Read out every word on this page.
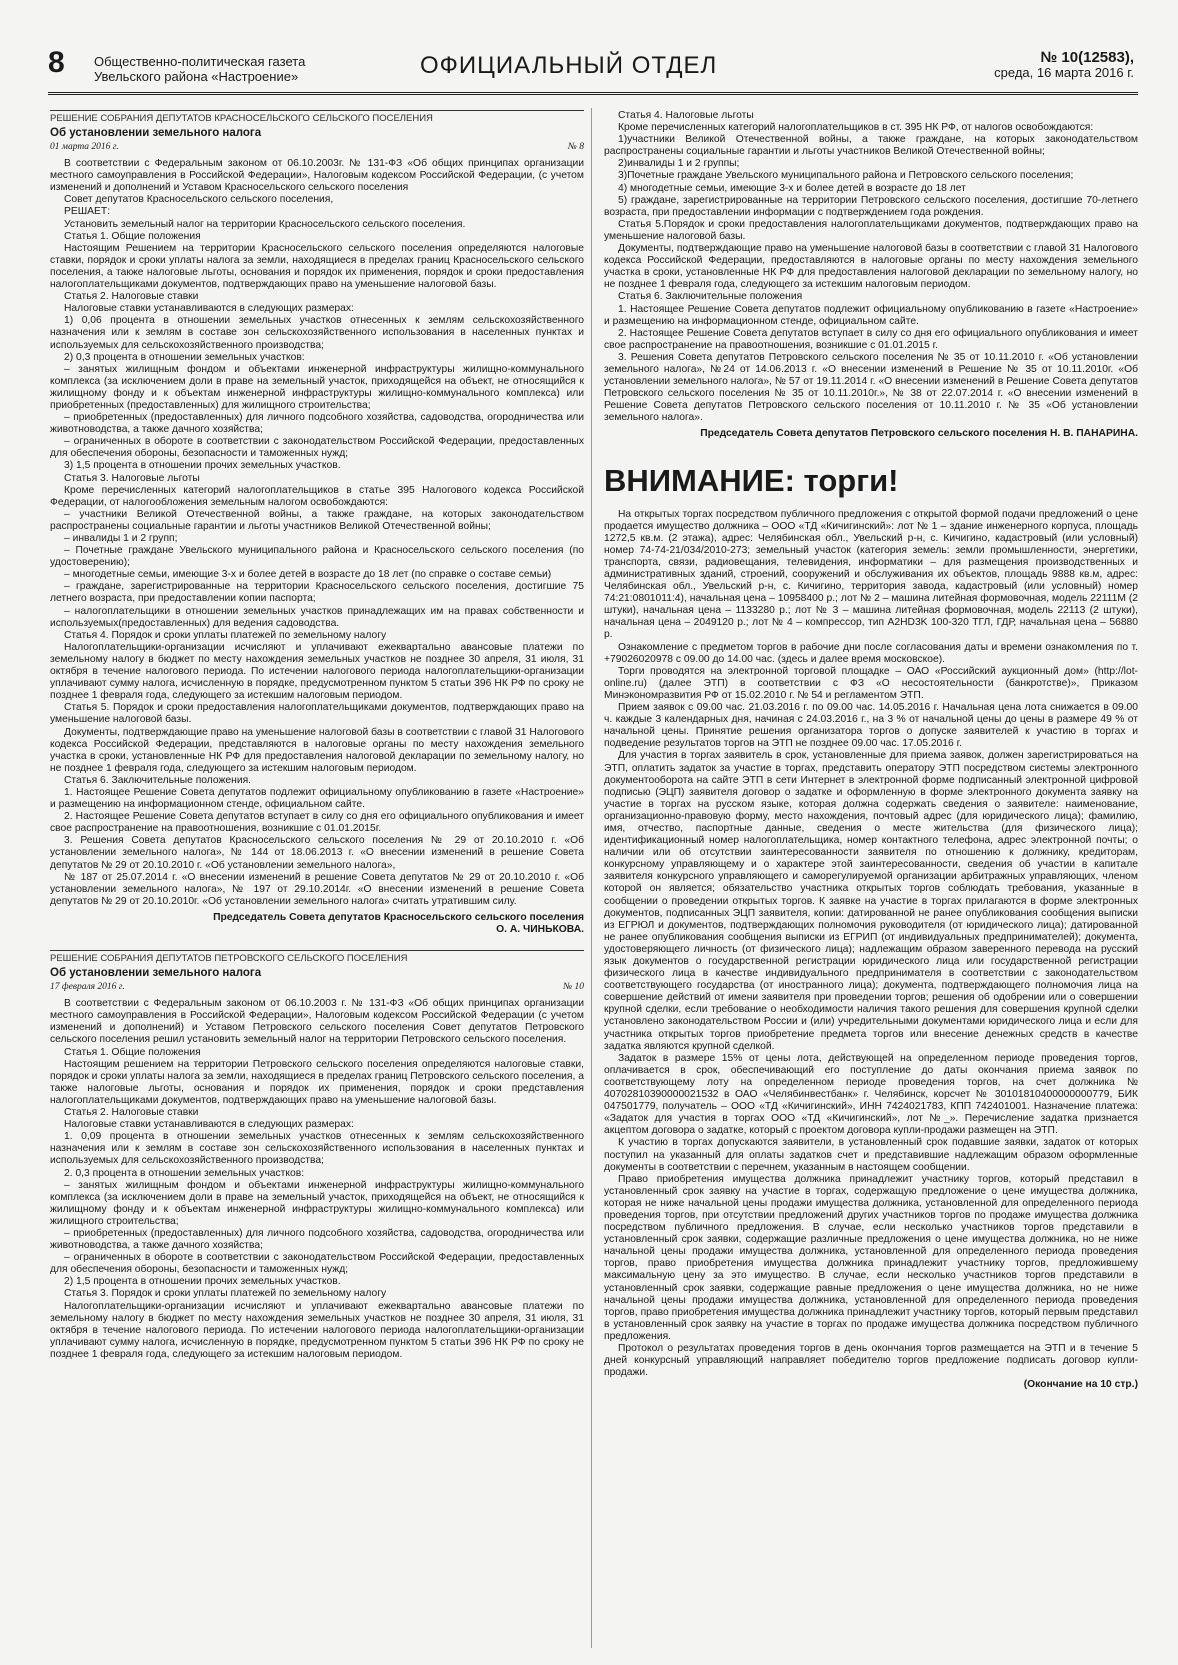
8 Общественно-политическая газета
Увельского района «Настроение»	ОФИЦИАЛЬНЫЙ ОТДЕЛ	№ 10(12583),
среда, 16 марта 2016 г.

РЕШЕНИЕ СОБРАНИЯ ДЕПУТАТОВ КРАСНОСЕЛЬСКОГО СЕЛЬСКОГО ПОСЕЛЕНИЯ

Об установлении земельного налога
01 марта 2016 г.	№ 8

В соответствии с Федеральным законом от 06.10.2003г. № 131-ФЗ «Об общих принципах организации местного самоуправления в Российской Федерации», Налоговым кодексом Российской Федерации, (с учетом изменений и дополнений и Уставом Красносельского сельского поселения

Совет депутатов Красносельского сельского поселения,

РЕШАЕТ:

Установить земельный налог на территории Красносельского сельского поселения.

Статья 1. Общие положения

Настоящим Решением на территории Красносельского сельского поселения определяются налоговые ставки, порядок и сроки уплаты налога за земли, находящиеся в пределах границ Красносельского сельского поселения, а также налоговые льготы, основания и порядок их применения, порядок и сроки предоставления налогоплательщиками документов, подтверждающих право на уменьшение налоговой базы.

Статья 2. Налоговые ставки

Налоговые ставки устанавливаются в следующих размерах:

1) 0,06 процента в отношении земельных участков отнесенных к землям сельскохозяйственного назначения или к землям в составе зон сельскохозяйственного использования в населенных пунктах и используемых для сельскохозяйственного производства;

2) 0,3 процента в отношении земельных участков:

– занятых жилищным фондом и объектами инженерной инфраструктуры жилищно-коммунального комплекса (за исключением доли в праве на земельный участок, приходящейся на объект, не относящийся к жилищному фонду и к объектам инженерной инфраструктуры жилищно-коммунального комплекса) или приобретенных (предоставленных) для жилищного строительства;

– приобретенных (предоставленных) для личного подсобного хозяйства, садоводства, огородничества или животноводства, а также дачного хозяйства;

– ограниченных в обороте в соответствии с законодательством Российской Федерации, предоставленных для обеспечения обороны, безопасности и таможенных нужд;

3) 1,5 процента в отношении прочих земельных участков.

Статья 3. Налоговые льготы

Кроме перечисленных категорий налогоплательщиков в статье 395 Налогового кодекса Российской Федерации, от налогообложения земельным налогом освобождаются:

– участники Великой Отечественной войны, а также граждане, на которых законодательством распространены социальные гарантии и льготы участников Великой Отечественной войны;

– инвалиды 1 и 2 групп;

– Почетные граждане Увельского муниципального района и Красносельского сельского поселения (по удостоверению);

– многодетные семьи, имеющие 3-х и более детей в возрасте до 18 лет (по справке о составе семьи)

– граждане, зарегистрированные на территории Красносельского сельского поселения, достигшие 75 летнего возраста, при предоставлении копии паспорта;

– налогоплательщики в отношении земельных участков принадлежащих им на правах собственности и используемых(предоставленных) для ведения садоводства.

Статья 4. Порядок и сроки уплаты платежей по земельному налогу

Налогоплательщики-организации исчисляют и уплачивают ежеквартально авансовые платежи по земельному налогу в бюджет по месту нахождения земельных участков не позднее 30 апреля, 31 июля, 31 октября в течение налогового периода. По истечении налогового периода налогоплательщики-организации уплачивают сумму налога, исчисленную в порядке, предусмотренном пунктом 5 статьи 396 НК РФ по сроку не позднее 1 февраля года, следующего за истекшим налоговым периодом.

Статья 5. Порядок и сроки предоставления налогоплательщиками документов, подтверждающих право на уменьшение налоговой базы.

Документы, подтверждающие право на уменьшение налоговой базы в соответствии с главой 31 Налогового кодекса Российской Федерации, представляются в налоговые органы по месту нахождения земельного участка в сроки, установленные НК РФ для предоставления налоговой декларации по земельному налогу, но не позднее 1 февраля года, следующего за истекшим налоговым периодом.

Статья 6. Заключительные положения.

1. Настоящее Решение Совета депутатов подлежит официальному опубликованию в газете «Настроение» и размещению на информационном стенде, официальном сайте.

2. Настоящее Решение Совета депутатов вступает в силу со дня его официального опубликования и имеет свое распространение на правоотношения, возникшие с 01.01.2015г.

3. Решения Совета депутатов Красносельского сельского поселения № 29 от 20.10.2010 г. «Об установлении земельного налога», № 144 от 18.06.2013 г. «О внесении изменений в решение Совета депутатов № 29 от 20.10.2010 г. «Об установлении земельного налога»,

№ 187 от 25.07.2014 г. «О внесении изменений в решение Совета депутатов № 29 от 20.10.2010 г. «Об установлении земельного налога», № 197 от 29.10.2014г. «О внесении изменений в решение Совета депутатов № 29 от 20.10.2010г. «Об установлении земельного налога» считать утратившим силу.

Председатель Совета депутатов Красносельского сельского поселения
О. А. ЧИНЬКОВА.

РЕШЕНИЕ СОБРАНИЯ ДЕПУТАТОВ ПЕТРОВСКОГО СЕЛЬСКОГО ПОСЕЛЕНИЯ

Об установлении земельного налога
17 февраля 2016 г.	№ 10

В соответствии с Федеральным законом от 06.10.2003 г. № 131-ФЗ «Об общих принципах организации местного самоуправления в Российской Федерации», Налоговым кодексом Российской Федерации (с учетом изменений и дополнений) и Уставом Петровского сельского поселения Совет депутатов Петровского сельского поселения решил установить земельный налог на территории Петровского сельского поселения.

Статья 1. Общие положения

Настоящим решением на территории Петровского сельского поселения определяются налоговые ставки, порядок и сроки уплаты налога за земли, находящиеся в пределах границ Петровского сельского поселения, а также налоговые льготы, основания и порядок их применения, порядок и сроки представления налогоплательщиками документов, подтверждающих право на уменьшение налоговой базы.

Статья 2. Налоговые ставки

Налоговые ставки устанавливаются в следующих размерах:

1. 0,09 процента в отношении земельных участков отнесенных к землям сельскохозяйственного назначения или к землям в составе зон сельскохозяйственного использования в населенных пунктах и используемых для сельскохозяйственного производства;

2. 0,3 процента в отношении земельных участков:

– занятых жилищным фондом и объектами инженерной инфраструктуры жилищно-коммунального комплекса (за исключением доли в праве на земельный участок, приходящейся на объект, не относящийся к жилищному фонду и к объектам инженерной инфраструктуры жилищно-коммунального комплекса) или жилищного строительства;

– приобретенных (предоставленных) для личного подсобного хозяйства, садоводства, огородничества или животноводства, а также дачного хозяйства;

– ограниченных в обороте в соответствии с законодательством Российской Федерации, предоставленных для обеспечения обороны, безопасности и таможенных нужд;

2) 1,5 процента в отношении прочих земельных участков.

Статья 3. Порядок и сроки уплаты платежей по земельному налогу

Налогоплательщики-организации исчисляют и уплачивают ежеквартально авансовые платежи по земельному налогу в бюджет по месту нахождения земельных участков не позднее 30 апреля, 31 июля, 31 октября в течение налогового периода. По истечении налогового периода налогоплательщики-организации уплачивают сумму налога, исчисленную в порядке, предусмотренном пунктом 5 статьи 396 НК РФ по сроку не позднее 1 февраля года, следующего за истекшим налоговым периодом.

Статья 4. Налоговые льготы

Кроме перечисленных категорий налогоплательщиков в ст. 395 НК РФ, от налогов освобождаются:

1)участники Великой Отечественной войны, а также граждане, на которых законодательством распространены социальные гарантии и льготы участников Великой Отечественной войны;

2)инвалиды 1 и 2 группы;

3)Почетные граждане Увельского муниципального района и Петровского сельского поселения;

4) многодетные семьи, имеющие 3-х и более детей в возрасте до 18 лет

5) граждане, зарегистрированные на территории Петровского сельского поселения, достигшие 70-летнего возраста, при предоставлении информации с подтверждением года рождения.

Статья 5.Порядок и сроки предоставления налогоплательщиками документов, подтверждающих право на уменьшение налоговой базы.

Документы, подтверждающие право на уменьшение налоговой базы в соответствии с главой 31 Налогового кодекса Российской Федерации, предоставляются в налоговые органы по месту нахождения земельного участка в сроки, установленные НК РФ для предоставления налоговой декларации по земельному налогу, но не позднее 1 февраля года, следующего за истекшим налоговым периодом.

Статья 6. Заключительные положения

1. Настоящее Решение Совета депутатов подлежит официальному опубликованию в газете «Настроение» и размещению на информационном стенде, официальном сайте.

2. Настоящее Решение Совета депутатов вступает в силу со дня его официального опубликования и имеет свое распространение на правоотношения, возникшие с 01.01.2015 г.

3. Решения Совета депутатов Петровского сельского поселения № 35 от 10.11.2010 г. «Об установлении земельного налога», №24 от 14.06.2013 г. «О внесении изменений в Решение № 35 от 10.11.2010г. «Об установлении земельного налога», № 57 от 19.11.2014 г. «О внесении изменений в Решение Совета депутатов Петровского сельского поселения № 35 от 10.11.2010г.», № 38 от 22.07.2014 г. «О внесении изменений в Решение Совета депутатов Петровского сельского поселения от 10.11.2010 г. № 35 «Об установлении земельного налога».

Председатель Совета депутатов Петровского сельского поселения Н. В. ПАНАРИНА.
ВНИМАНИЕ: торги!

На открытых торгах посредством публичного предложения с открытой формой подачи предложений о цене продается имущество должника – ООО «ТД «Кичигинский»: лот № 1 – здание инженерного корпуса, площадь 1272,5 кв.м. (2 этажа), адрес: Челябинская обл., Увельский р-н, с. Кичигино, кадастровый (или условный) номер 74-74-21/034/2010-273; земельный участок (категория земель: земли промышленности, энергетики, транспорта, связи, радиовещания, телевидения, информатики – для размещения производственных и административных зданий, строений, сооружений и обслуживания их объектов, площадь 9888 кв.м, адрес: Челябинская обл., Увельский р-н, с. Кичигино, территория завода, кадастровый (или условный) номер 74:21:0801011:4), начальная цена – 10958400 р.; лот № 2 – машина литейная формовочная, модель 22111М (2 штуки), начальная цена – 1133280 р.; лот № 3 – машина литейная формовочная, модель 22113 (2 штуки), начальная цена – 2049120 р.; лот № 4 – компрессор, тип A2HD3K 100-320 ТГЛ, ГДР, начальная цена – 56880 р.

Ознакомление с предметом торгов в рабочие дни после согласования даты и времени ознакомления по т. +79026020978 с 09.00 до 14.00 час. (здесь и далее время московское).

Торги проводятся на электронной торговой площадке – ОАО «Российский аукционный дом» (http://lot-online.ru) (далее ЭТП) в соответствии с ФЗ «О несостоятельности (банкротстве)», Приказом Минэкономразвития РФ от 15.02.2010 г. № 54 и регламентом ЭТП.

Прием заявок с 09.00 час. 21.03.2016 г. по 09.00 час. 14.05.2016 г. Начальная цена лота снижается в 09.00 ч. каждые 3 календарных дня, начиная с 24.03.2016 г., на 3 % от начальной цены до цены в размере 49 % от начальной цены. Принятие решения организатора торгов о допуске заявителей к участию в торгах и подведение результатов торгов на ЭТП не позднее 09.00 час. 17.05.2016 г.

Для участия в торгах заявитель в срок, установленные для приема заявок, должен зарегистрироваться на ЭТП, оплатить задаток за участие в торгах, представить оператору ЭТП посредством системы электронного документооборота на сайте ЭТП в сети Интернет в электронной форме подписанный электронной цифровой подписью (ЭЦП) заявителя договор о задатке и оформленную в форме электронного документа заявку на участие в торгах на русском языке, которая должна содержать сведения о заявителе: наименование, организационно-правовую форму, место нахождения, почтовый адрес (для юридического лица); фамилию, имя, отчество, паспортные данные, сведения о месте жительства (для физического лица); идентификационный номер налогоплательщика, номер контактного телефона, адрес электронной почты; о наличии или об отсутствии заинтересованности заявителя по отношению к должнику, кредиторам, конкурсному управляющему и о характере этой заинтересованности, сведения об участии в капитале заявителя конкурсного управляющего и саморегулируемой организации арбитражных управляющих, членом которой он является; обязательство участника открытых торгов соблюдать требования, указанные в сообщении о проведении открытых торгов. К заявке на участие в торгах прилагаются в форме электронных документов, подписанных ЭЦП заявителя, копии: датированной не ранее опубликования сообщения выписки из ЕГРЮЛ и документов, подтверждающих полномочия руководителя (от юридического лица); датированной не ранее опубликования сообщения выписки из ЕГРИП (от индивидуальных предпринимателей); документа, удостоверяющего личность (от физического лица); надлежащим образом заверенного перевода на русский язык документов о государственной регистрации юридического лица или государственной регистрации физического лица в качестве индивидуального предпринимателя в соответствии с законодательством соответствующего государства (от иностранного лица); документа, подтверждающего полномочия лица на совершение действий от имени заявителя при проведении торгов; решения об одобрении или о совершении крупной сделки, если требование о необходимости наличия такого решения для совершения крупной сделки установлено законодательством России и (или) учредительными документами юридического лица и если для участника открытых торгов приобретение предмета торгов или внесение денежных средств в качестве задатка являются крупной сделкой.

Задаток в размере 15% от цены лота, действующей на определенном периоде проведения торгов, оплачивается в срок, обеспечивающий его поступление до даты окончания приема заявок по соответствующему лоту на определенном периоде проведения торгов, на счет должника № 40702810390000021532 в ОАО «Челябинвестбанк» г. Челябинск, корсчет № 30101810400000000779, БИК 047501779, получатель – ООО «ТД «Кичигинский», ИНН 7424021783, КПП 742401001. Назначение платежа: «Задаток для участия в торгах ООО «ТД «Кичигинский», лот №_». Перечисление задатка признается акцептом договора о задатке, который с проектом договора купли-продажи размещен на ЭТП.

К участию в торгах допускаются заявители, в установленный срок подавшие заявки, задаток от которых поступил на указанный для оплаты задатков счет и представившие надлежащим образом оформленные документы в соответствии с перечнем, указанным в настоящем сообщении.

Право приобретения имущества должника принадлежит участнику торгов, который представил в установленный срок заявку на участие в торгах, содержащую предложение о цене имущества должника, которая не ниже начальной цены продажи имущества должника, установленной для определенного периода проведения торгов, при отсутствии предложений других участников торгов по продаже имущества должника посредством публичного предложения. В случае, если несколько участников торгов представили в установленный срок заявки, содержащие различные предложения о цене имущества должника, но не ниже начальной цены продажи имущества должника, установленной для определенного периода проведения торгов, право приобретения имущества должника принадлежит участнику торгов, предложившему максимальную цену за это имущество. В случае, если несколько участников торгов представили в установленный срок заявки, содержащие равные предложения о цене имущества должника, но не ниже начальной цены продажи имущества должника, установленной для определенного периода проведения торгов, право приобретения имущества должника принадлежит участнику торгов, который первым представил в установленный срок заявку на участие в торгах по продаже имущества должника посредством публичного предложения.

Протокол о результатах проведения торгов в день окончания торгов размещается на ЭТП и в течение 5 дней конкурсный управляющий направляет победителю торгов предложение подписать договор купли-продажи.

(Окончание на 10 стр.)
